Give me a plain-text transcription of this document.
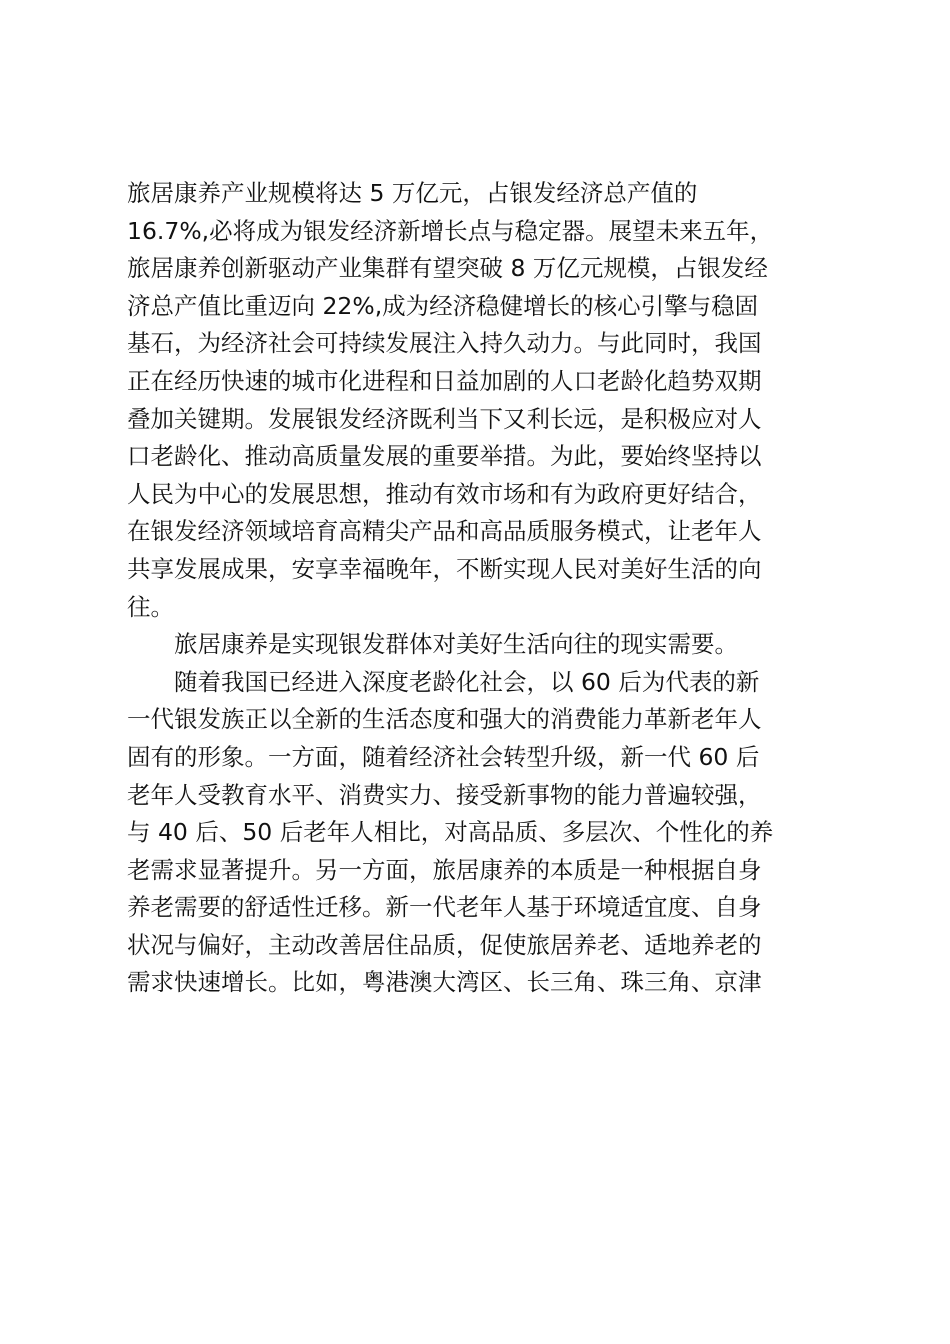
旅居康养产业规模将达 5 万亿元，占银发经济总产值的
16.7%,必将成为银发经济新增长点与稳定器。展望未来五年，
旅居康养创新驱动产业集群有望突破 8 万亿元规模，占银发经
济总产值比重迈向 22%,成为经济稳健增长的核心引擎与稳固
基石，为经济社会可持续发展注入持久动力。与此同时，我国
正在经历快速的城市化进程和日益加剧的人口老龄化趋势双期
叠加关键期。发展银发经济既利当下又利长远，是积极应对人
口老龄化、推动高质量发展的重要举措。为此，要始终坚持以
人民为中心的发展思想，推动有效市场和有为政府更好结合，
在银发经济领域培育高精尖产品和高品质服务模式，让老年人
共享发展成果，安享幸福晚年，不断实现人民对美好生活的向
往。
　　旅居康养是实现银发群体对美好生活向往的现实需要。
　　随着我国已经进入深度老龄化社会，以 60 后为代表的新
一代银发族正以全新的生活态度和强大的消费能力革新老年人
固有的形象。一方面，随着经济社会转型升级，新一代 60 后
老年人受教育水平、消费实力、接受新事物的能力普遍较强，
与 40 后、50 后老年人相比，对高品质、多层次、个性化的养
老需求显著提升。另一方面，旅居康养的本质是一种根据自身
养老需要的舒适性迁移。新一代老年人基于环境适宜度、自身
状况与偏好，主动改善居住品质，促使旅居养老、适地养老的
需求快速增长。比如，粤港澳大湾区、长三角、珠三角、京津
